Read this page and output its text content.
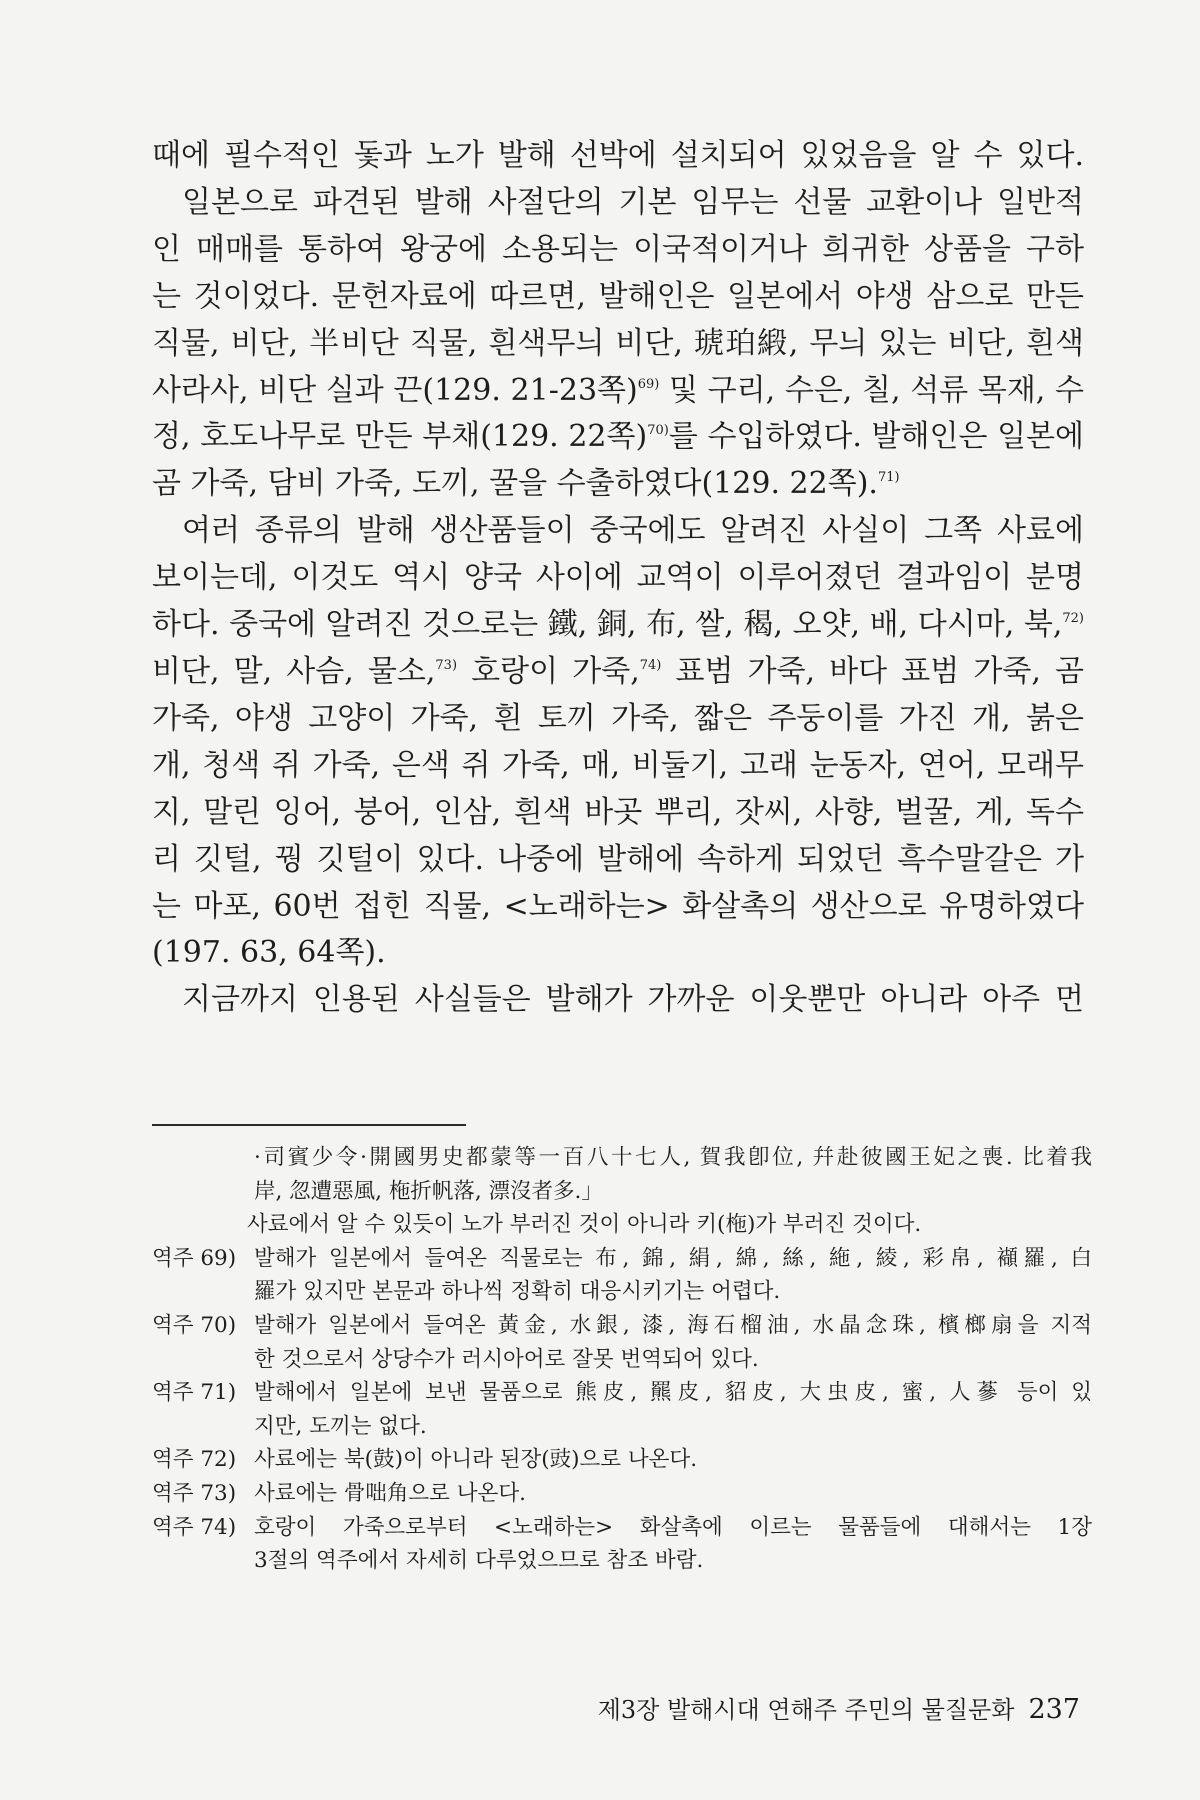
때에 필수적인 돛과 노가 발해 선박에 설치되어 있었음을 알 수 있다.
일본으로 파견된 발해 사절단의 기본 임무는 선물 교환이나 일반적
인 매매를 통하여 왕궁에 소용되는 이국적이거나 희귀한 상품을 구하
는 것이었다. 문헌자료에 따르면, 발해인은 일본에서 야생 삼으로 만든
직물, 비단, 半비단 직물, 흰색무늬 비단, 琥珀緞, 무늬 있는 비단, 흰색
사라사, 비단 실과 끈(129. 21-23쪽)$^{69)}$ 및 구리, 수은, 칠, 석류 목재, 수
정, 호도나무로 만든 부채(129. 22쪽)$^{70)}$를 수입하였다. 발해인은 일본에
곰 가죽, 담비 가죽, 도끼, 꿀을 수출하였다(129. 22쪽).$^{71)}$
여러 종류의 발해 생산품들이 중국에도 알려진 사실이 그쪽 사료에
보이는데, 이것도 역시 양국 사이에 교역이 이루어졌던 결과임이 분명
하다. 중국에 알려진 것으로는 鐵, 銅, 布, 쌀, 䅥, 오얏, 배, 다시마, 북,$^{72)}$
비단, 말, 사슴, 물소,$^{73)}$ 호랑이 가죽,$^{74)}$ 표범 가죽, 바다 표범 가죽, 곰
가죽, 야생 고양이 가죽, 흰 토끼 가죽, 짧은 주둥이를 가진 개, 붉은
개, 청색 쥐 가죽, 은색 쥐 가죽, 매, 비둘기, 고래 눈동자, 연어, 모래무
지, 말린 잉어, 붕어, 인삼, 흰색 바곳 뿌리, 잣씨, 사향, 벌꿀, 게, 독수
리 깃털, 꿩 깃털이 있다. 나중에 발해에 속하게 되었던 흑수말갈은 가
는 마포, 60번 접힌 직물, <노래하는> 화살촉의 생산으로 유명하였다
(197. 63, 64쪽).
지금까지 인용된 사실들은 발해가 가까운 이웃뿐만 아니라 아주 먼
·司賓少令·開國男史都蒙等一百八十七人, 賀我卽位, 幷赴彼國王妃之喪. 比着我
岸, 忽遭惡風, 柂折帆落, 漂沒者多.」
사료에서 알 수 있듯이 노가 부러진 것이 아니라 키(柂)가 부러진 것이다.
역주 69) 발해가 일본에서 들여온 직물로는 布, 錦, 絹, 綿, 絲, 絁, 綾, 彩帛, 襭羅, 白
羅가 있지만 본문과 하나씩 정확히 대응시키기는 어렵다.
역주 70) 발해가 일본에서 들여온 黃金, 水銀, 漆, 海石榴油, 水晶念珠, 檳榔扇을 지적
한 것으로서 상당수가 러시아어로 잘못 번역되어 있다.
역주 71) 발해에서 일본에 보낸 물품으로 熊皮, 羆皮, 貂皮, 大虫皮, 蜜, 人蔘 등이 있
지만, 도끼는 없다.
역주 72) 사료에는 북(鼓)이 아니라 된장(豉)으로 나온다.
역주 73) 사료에는 骨咄角으로 나온다.
역주 74) 호랑이 가죽으로부터 <노래하는> 화살촉에 이르는 물품들에 대해서는 1장
3절의 역주에서 자세히 다루었으므로 참조 바람.
제3장 발해시대 연해주 주민의 물질문화 237
